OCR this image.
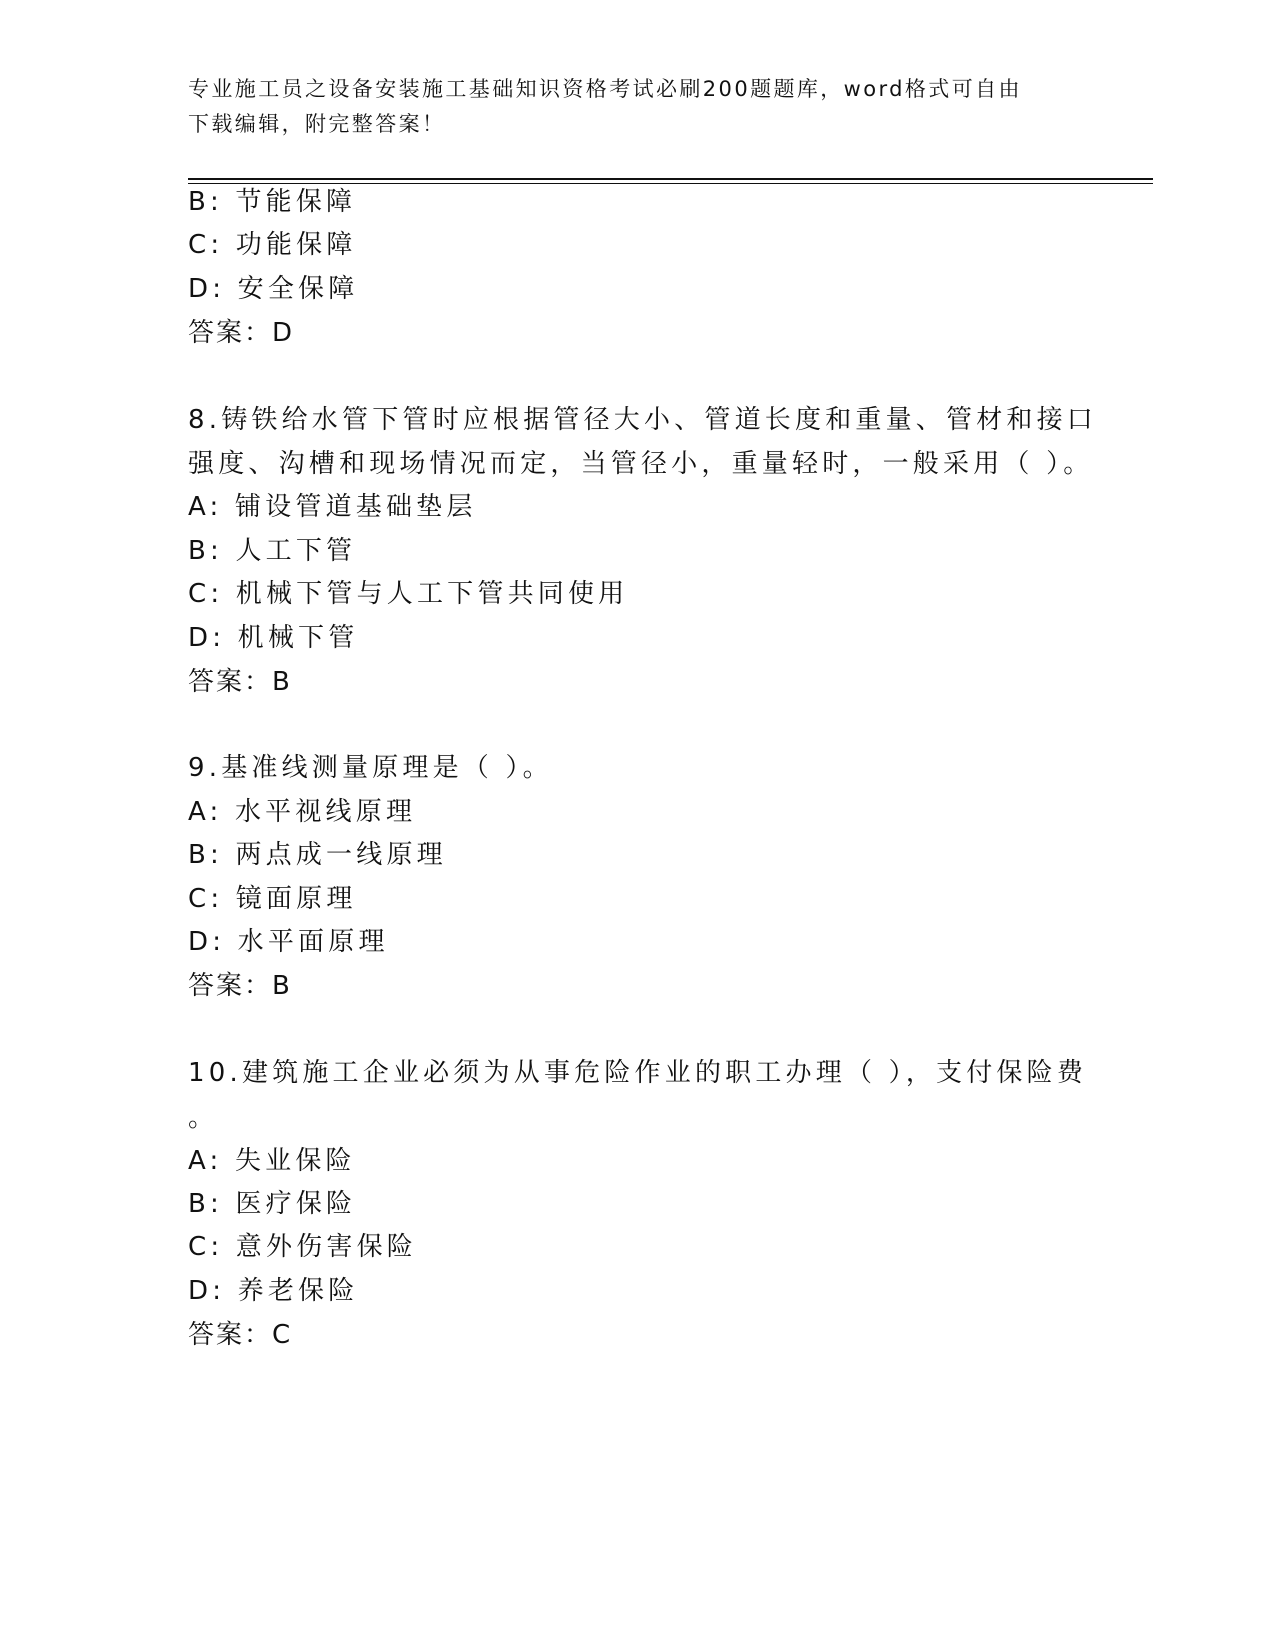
专业施工员之设备安装施工基础知识资格考试必刷200题题库，word格式可自由
下载编辑，附完整答案！
B: 节能保障
C: 功能保障
D: 安全保障
答案：D
8.铸铁给水管下管时应根据管径大小、管道长度和重量、管材和接口
强度、沟槽和现场情况而定，当管径小，重量轻时，一般采用（ ）。
A: 铺设管道基础垫层
B: 人工下管
C: 机械下管与人工下管共同使用
D: 机械下管
答案：B
9.基准线测量原理是（ ）。
A: 水平视线原理
B: 两点成一线原理
C: 镜面原理
D: 水平面原理
答案：B
10.建筑施工企业必须为从事危险作业的职工办理（ ），支付保险费
。
A: 失业保险
B: 医疗保险
C: 意外伤害保险
D: 养老保险
答案：C
